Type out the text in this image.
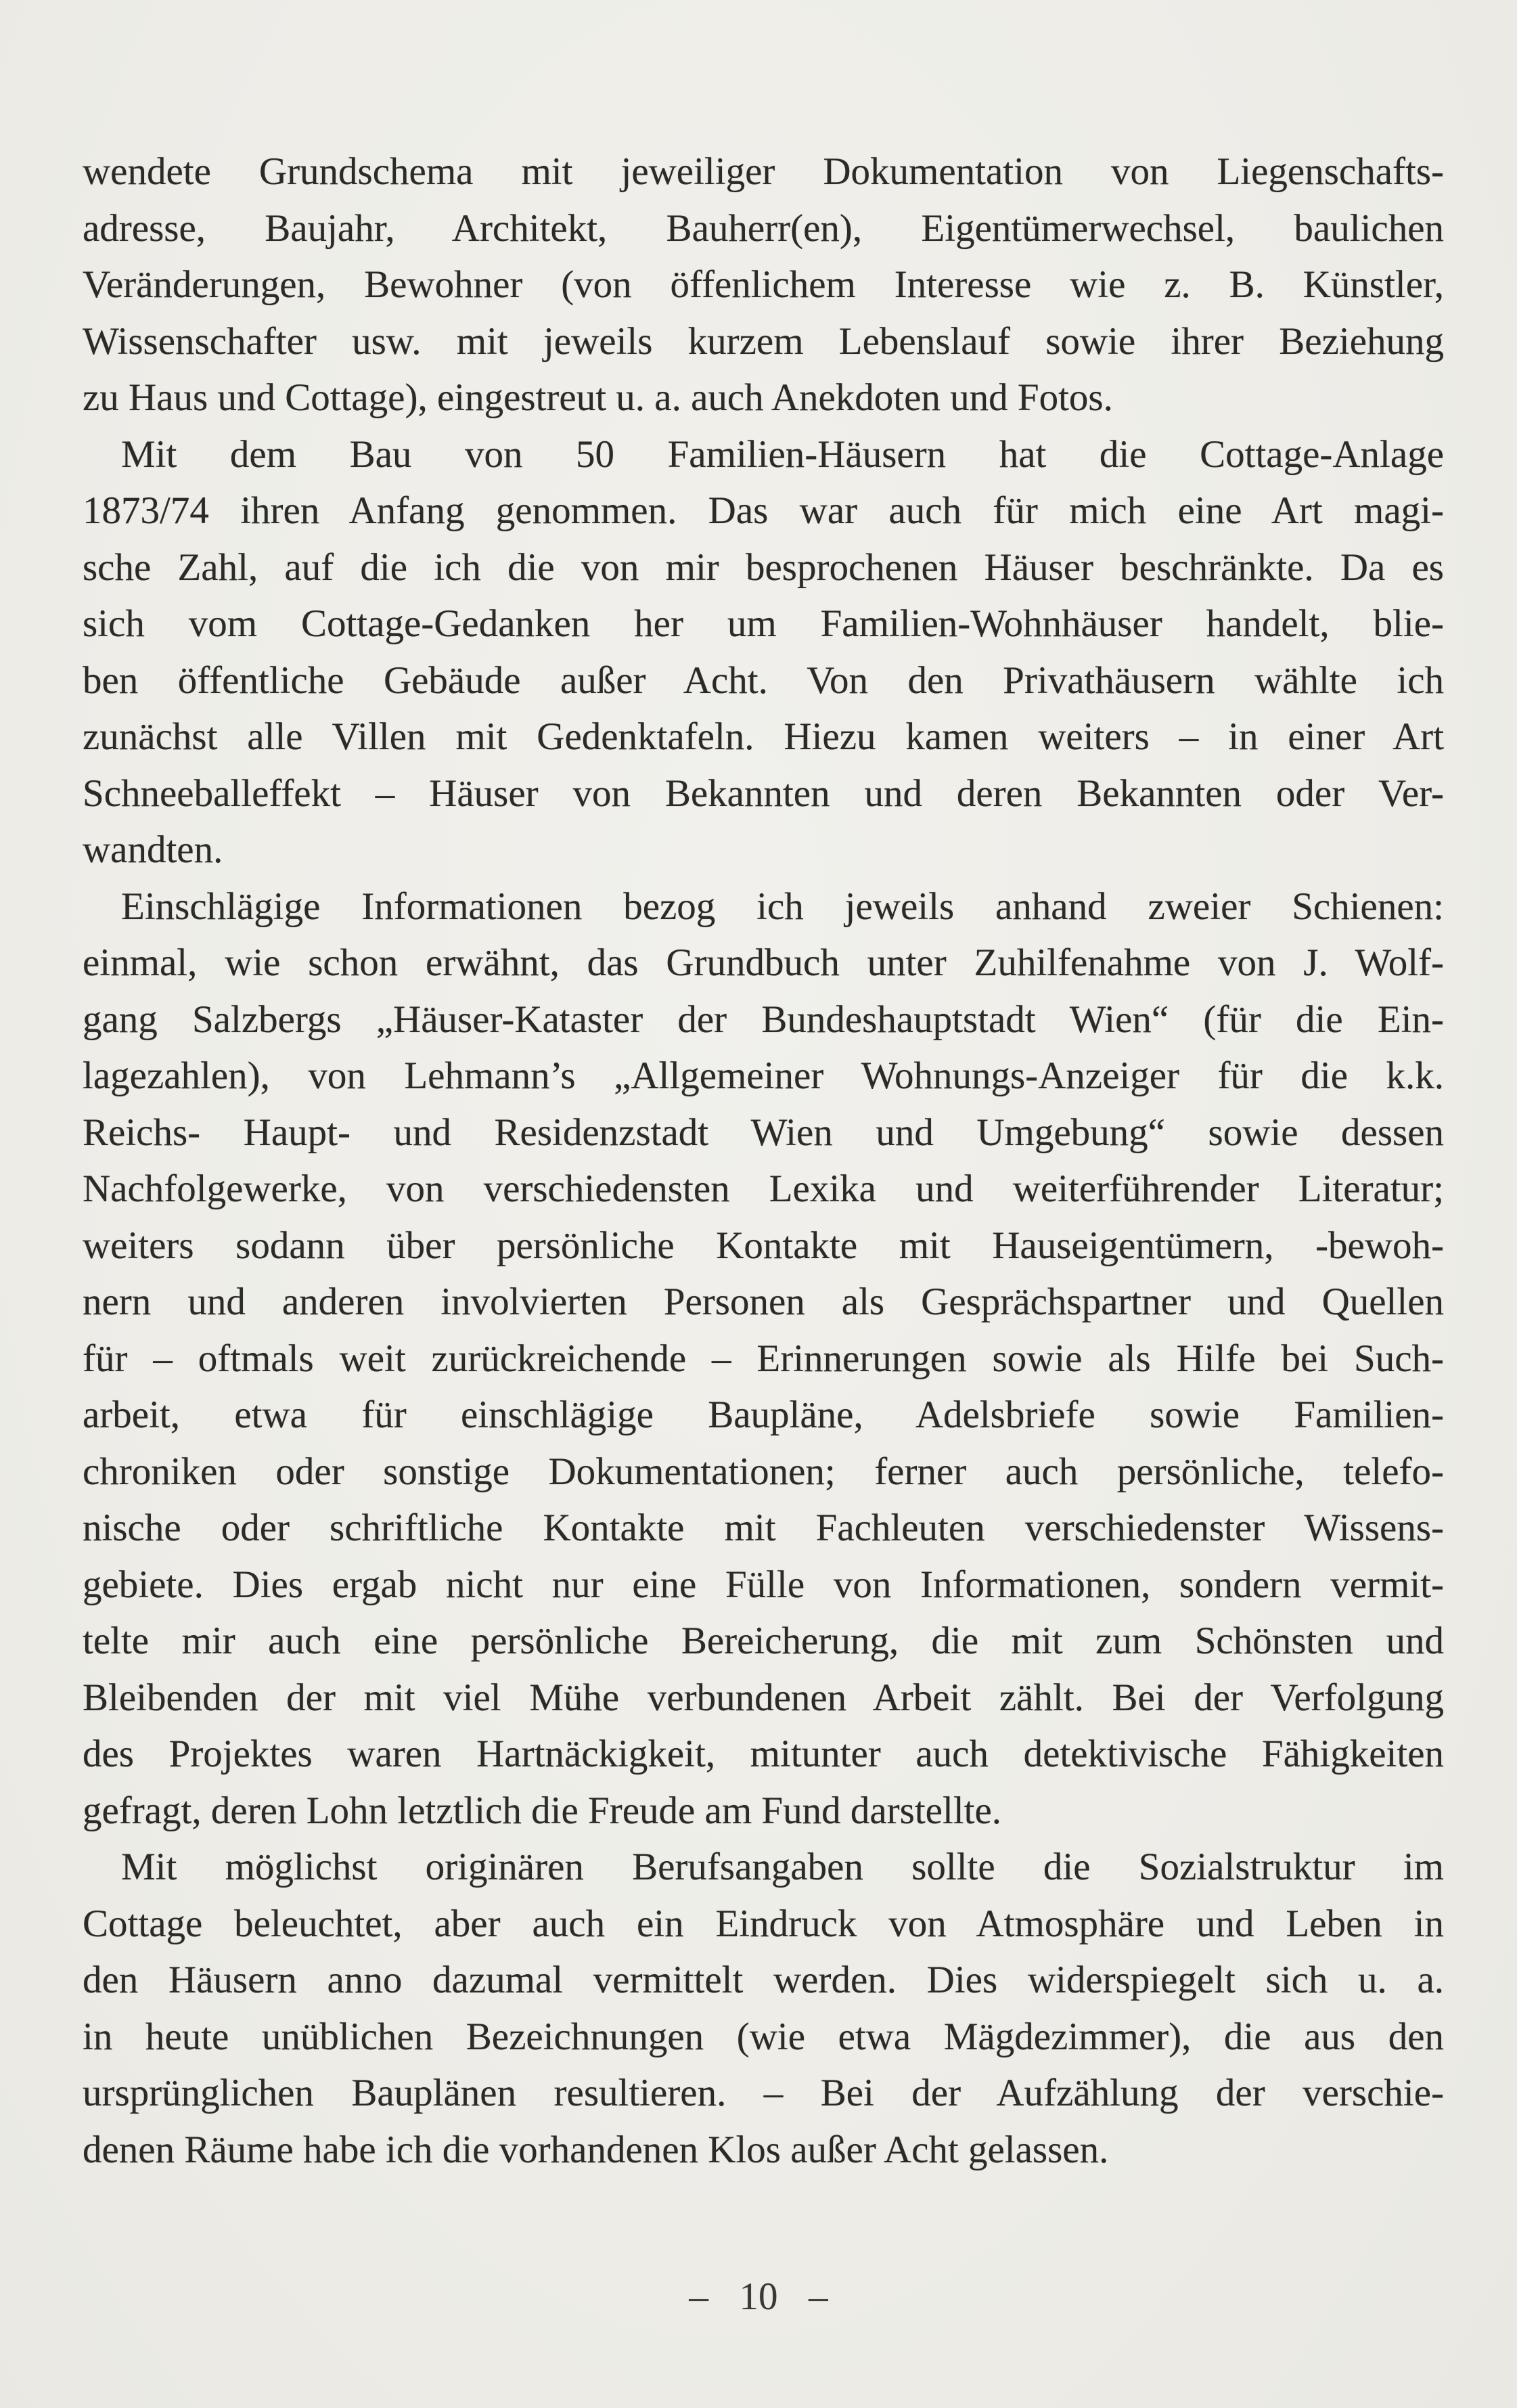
wendete Grundschema mit jeweiliger Dokumentation von Liegenschafts-
adresse, Baujahr, Architekt, Bauherr(en), Eigentümerwechsel, baulichen
Veränderungen, Bewohner (von öffenlichem Interesse wie z. B. Künstler,
Wissenschafter usw. mit jeweils kurzem Lebenslauf sowie ihrer Beziehung
zu Haus und Cottage), eingestreut u. a. auch Anekdoten und Fotos.
Mit dem Bau von 50 Familien-Häusern hat die Cottage-Anlage
1873/74 ihren Anfang genommen. Das war auch für mich eine Art magi-
sche Zahl, auf die ich die von mir besprochenen Häuser beschränkte. Da es
sich vom Cottage-Gedanken her um Familien-Wohnhäuser handelt, blie-
ben öffentliche Gebäude außer Acht. Von den Privathäusern wählte ich
zunächst alle Villen mit Gedenktafeln. Hiezu kamen weiters – in einer Art
Schneeballeffekt – Häuser von Bekannten und deren Bekannten oder Ver-
wandten.
Einschlägige Informationen bezog ich jeweils anhand zweier Schienen:
einmal, wie schon erwähnt, das Grundbuch unter Zuhilfenahme von J. Wolf-
gang Salzbergs „Häuser-Kataster der Bundeshauptstadt Wien“ (für die Ein-
lagezahlen), von Lehmann’s „Allgemeiner Wohnungs-Anzeiger für die k.k.
Reichs- Haupt- und Residenzstadt Wien und Umgebung“ sowie dessen
Nachfolgewerke, von verschiedensten Lexika und weiterführender Literatur;
weiters sodann über persönliche Kontakte mit Hauseigentümern, -bewoh-
nern und anderen involvierten Personen als Gesprächspartner und Quellen
für – oftmals weit zurückreichende – Erinnerungen sowie als Hilfe bei Such-
arbeit, etwa für einschlägige Baupläne, Adelsbriefe sowie Familien-
chroniken oder sonstige Dokumentationen; ferner auch persönliche, telefo-
nische oder schriftliche Kontakte mit Fachleuten verschiedenster Wissens-
gebiete. Dies ergab nicht nur eine Fülle von Informationen, sondern vermit-
telte mir auch eine persönliche Bereicherung, die mit zum Schönsten und
Bleibenden der mit viel Mühe verbundenen Arbeit zählt. Bei der Verfolgung
des Projektes waren Hartnäckigkeit, mitunter auch detektivische Fähigkeiten
gefragt, deren Lohn letztlich die Freude am Fund darstellte.
Mit möglichst originären Berufsangaben sollte die Sozialstruktur im
Cottage beleuchtet, aber auch ein Eindruck von Atmosphäre und Leben in
den Häusern anno dazumal vermittelt werden. Dies widerspiegelt sich u. a.
in heute unüblichen Bezeichnungen (wie etwa Mägdezimmer), die aus den
ursprünglichen Bauplänen resultieren. – Bei der Aufzählung der verschie-
denen Räume habe ich die vorhandenen Klos außer Acht gelassen.
– 10 –
